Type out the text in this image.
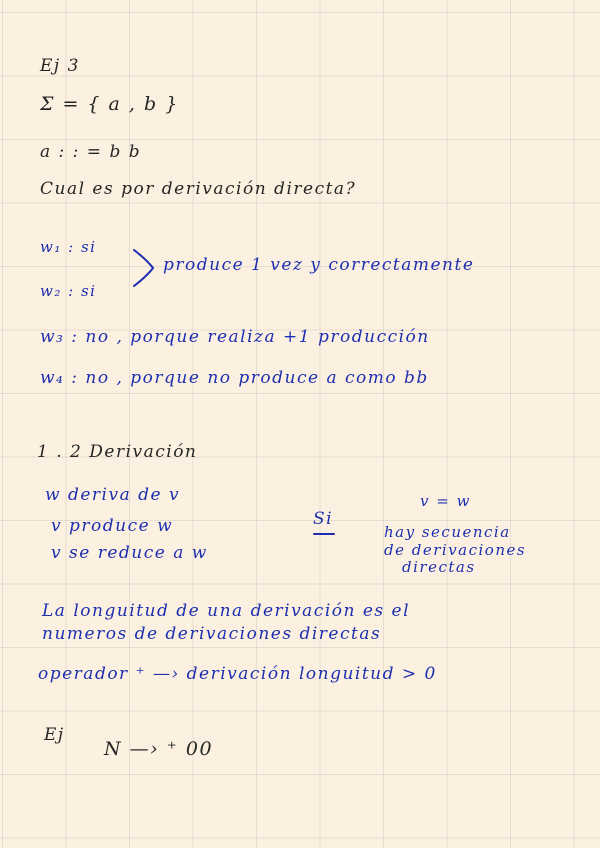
Ej 3
Σ = { a , b }
a : : = b b
Cual es por derivación directa?
w₁ : si
w₂ : si
produce 1 vez y correctamente
w₃ : no , porque realiza +1 producción
w₄ : no , porque no produce a como bb
1 . 2 Derivación
w deriva de v
v produce w
v se reduce a w
Si
v = w
hay secuencia
de derivaciones
directas
La longuitud de una derivación es el
numeros de derivaciones directas
operador ⁺ —› derivación longuitud > 0
Ej
N —› ⁺ 00
